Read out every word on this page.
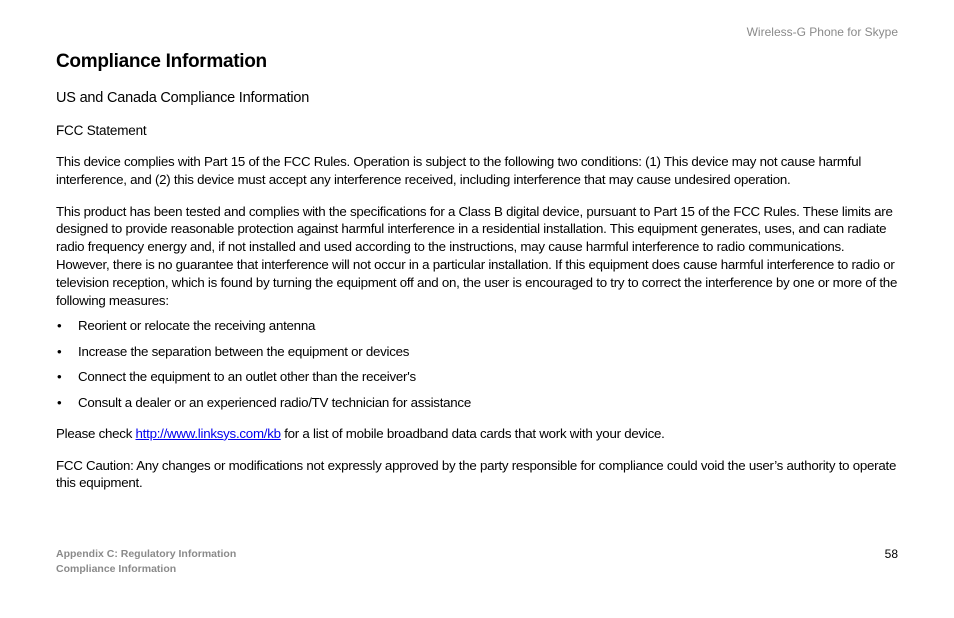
Wireless-G Phone for Skype
Compliance Information
US and Canada Compliance Information
FCC Statement

This device complies with Part 15 of the FCC Rules. Operation is subject to the following two conditions: (1) This device may not cause harmful interference, and (2) this device must accept any interference received, including interference that may cause undesired operation.

This product has been tested and complies with the specifications for a Class B digital device, pursuant to Part 15 of the FCC Rules. These limits are designed to provide reasonable protection against harmful interference in a residential installation. This equipment generates, uses, and can radiate radio frequency energy and, if not installed and used according to the instructions, may cause harmful interference to radio communications. However, there is no guarantee that interference will not occur in a particular installation. If this equipment does cause harmful interference to radio or television reception, which is found by turning the equipment off and on, the user is encouraged to try to correct the interference by one or more of the following measures:

• Reorient or relocate the receiving antenna
• Increase the separation between the equipment or devices
• Connect the equipment to an outlet other than the receiver's
• Consult a dealer or an experienced radio/TV technician for assistance

Please check http://www.linksys.com/kb for a list of mobile broadband data cards that work with your device.

FCC Caution: Any changes or modifications not expressly approved by the party responsible for compliance could void the user’s authority to operate this equipment.

Appendix C: Regulatory Information
Compliance Information
58
